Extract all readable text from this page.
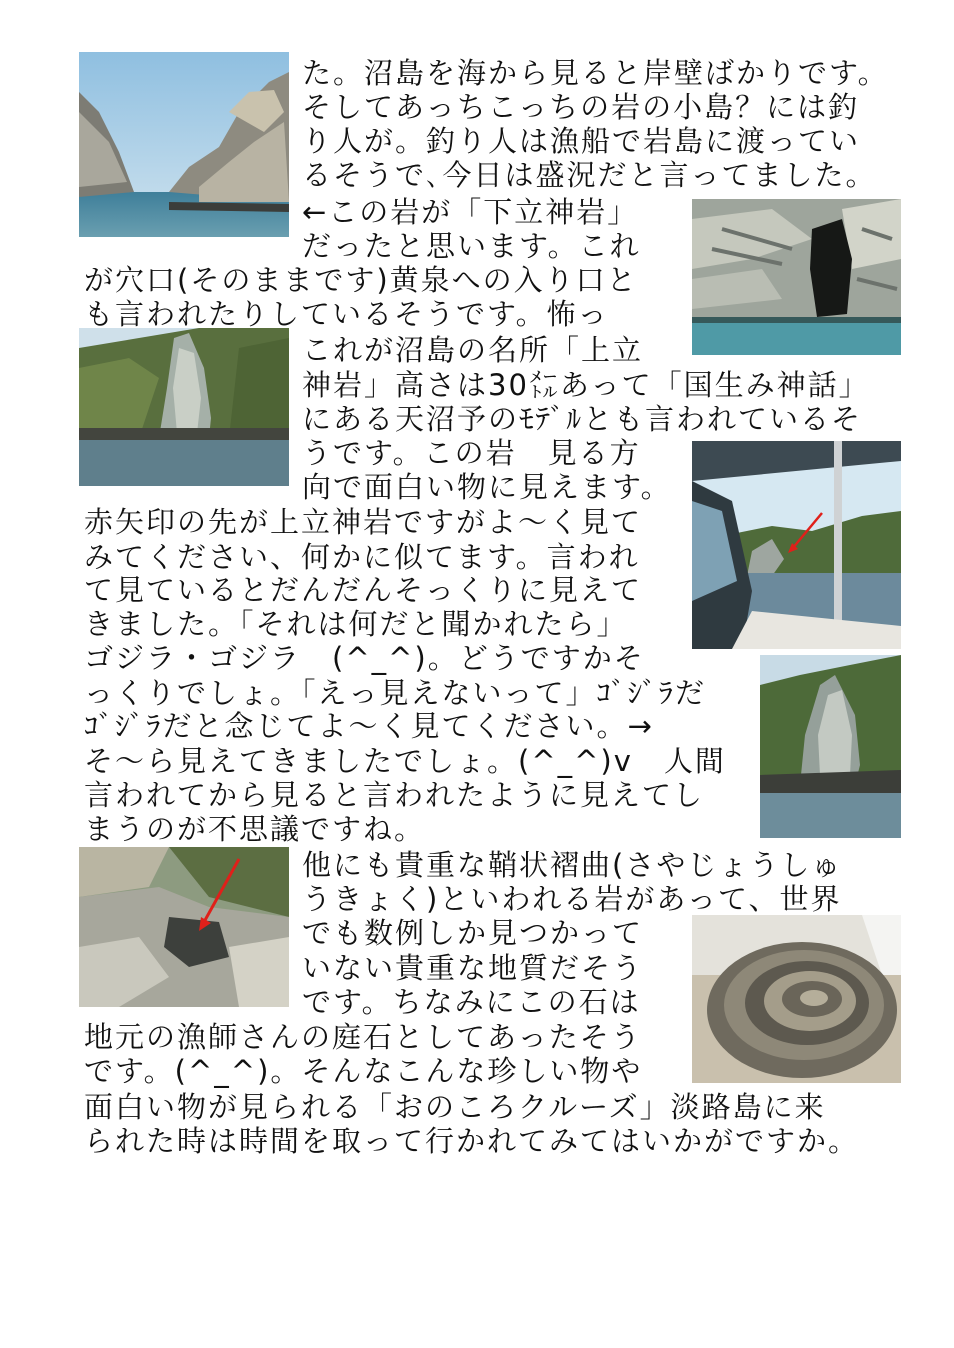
た。沼島を海から見ると岸壁ばかりです。
そしてあっちこっちの岩の小島？には釣
り人が。釣り人は漁船で岩島に渡ってい
るそうで､今日は盛況だと言ってました。
←この岩が「下立神岩」
だったと思います。これ
が穴口(そのままです)黄泉への入り口と
も言われたりしているそうです。怖っ
これが沼島の名所「上立
神岩」高さは30㍍あって「国生み神話」
にある天沼予のﾓﾃﾞﾙとも言われているそ
うです。この岩　見る方
向で面白い物に見えます。
赤矢印の先が上立神岩ですがよ～く見て
みてください、何かに似てます。言われ
て見ているとだんだんそっくりに見えて
きました。「それは何だと聞かれたら」
ゴジラ・ゴジラ　(^_^)。どうですかそ
っくりでしょ。「えっ見えないって」ｺﾞｼﾞﾗだ
ｺﾞｼﾞﾗだと念じてよ～く見てください。→
そ～ら見えてきましたでしょ。(^_^)v　人間
言われてから見ると言われたように見えてし
まうのが不思議ですね。
他にも貴重な鞘状褶曲(さやじょうしゅ
うきょく)といわれる岩があって、世界
でも数例しか見つかって
いない貴重な地質だそう
です。ちなみにこの石は
地元の漁師さんの庭石としてあったそう
です。(^_^)。そんなこんな珍しい物や
面白い物が見られる「おのころクルーズ」淡路島に来
られた時は時間を取って行かれてみてはいかがですか。
